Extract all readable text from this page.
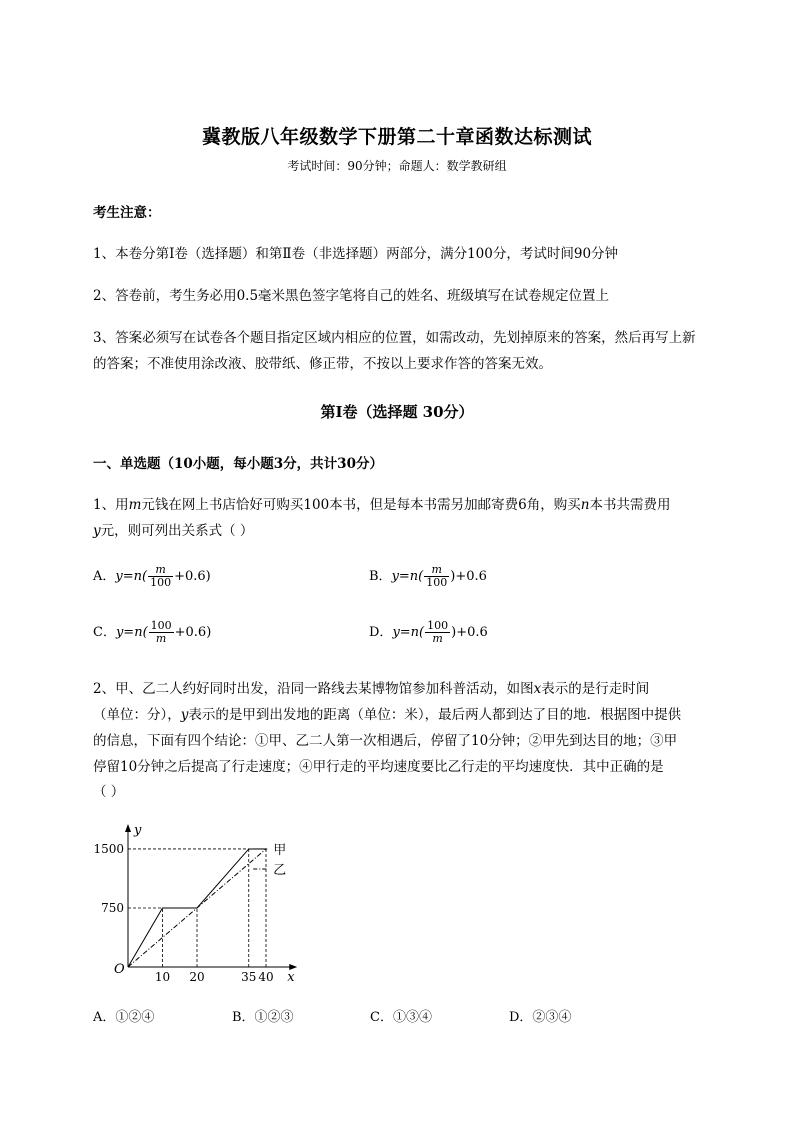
冀教版八年级数学下册第二十章函数达标测试
考试时间：90分钟；命题人：数学教研组
考生注意：
1、本卷分第Ⅰ卷（选择题）和第Ⅱ卷（非选择题）两部分，满分100分，考试时间90分钟
2、答卷前，考生务必用0.5毫米黑色签字笔将自己的姓名、班级填写在试卷规定位置上
3、答案必须写在试卷各个题目指定区域内相应的位置，如需改动，先划掉原来的答案，然后再写上新
的答案；不准使用涂改液、胶带纸、修正带，不按以上要求作答的答案无效。
第Ⅰ卷（选择题 30分）
一、单选题（10小题，每小题3分，共计30分）
1、用m元钱在网上书店恰好可购买100本书，但是每本书需另加邮寄费6角，购买n本书共需费用
y元，则可列出关系式（ ）
A．$y=n( \frac{m}{100} +0.6)$	B．$y=n( \frac{m}{100} )+0.6$
C．$y=n( \frac{100}{m} +0.6)$	D．$y=n( \frac{100}{m} )+0.6$
2、甲、乙二人约好同时出发，沿同一路线去某博物馆参加科普活动，如图x表示的是行走时间
（单位：分），y表示的是甲到出发地的距离（单位：米），最后两人都到达了目的地．根据图中提供
的信息，下面有四个结论：①甲、乙二人第一次相遇后，停留了10分钟；②甲先到达目的地；③甲
停留10分钟之后提高了行走速度；④甲行走的平均速度要比乙行走的平均速度快．其中正确的是
（ ）
x
y
O
750
1500
10 20	35 40
甲
乙
A．①②④	B．①②③	C．①③④	D．②③④
